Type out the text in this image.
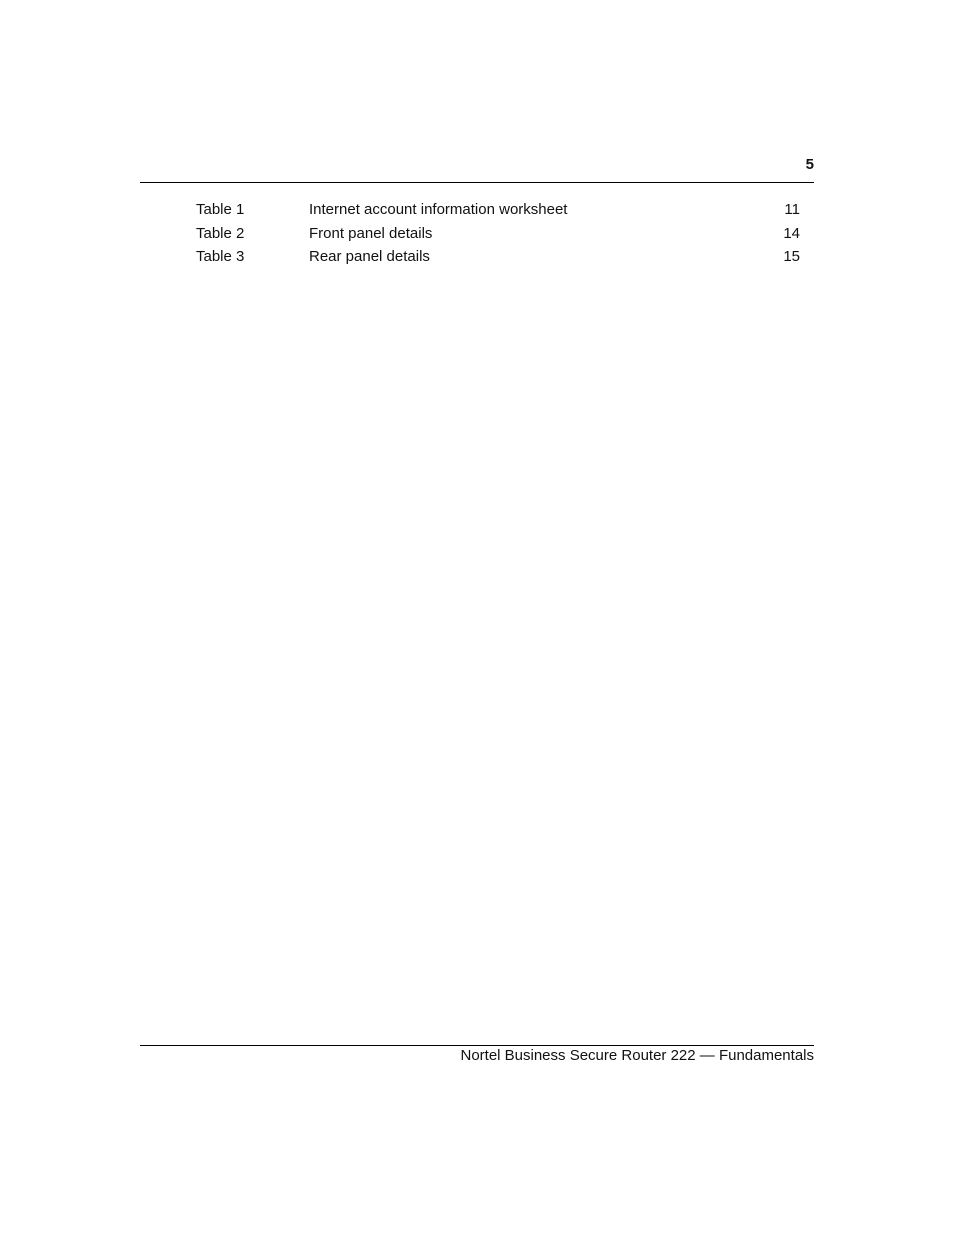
5
Table 1	Internet account information worksheet	11
Table 2	Front panel details	14
Table 3	Rear panel details	15
Nortel Business Secure Router 222 — Fundamentals
